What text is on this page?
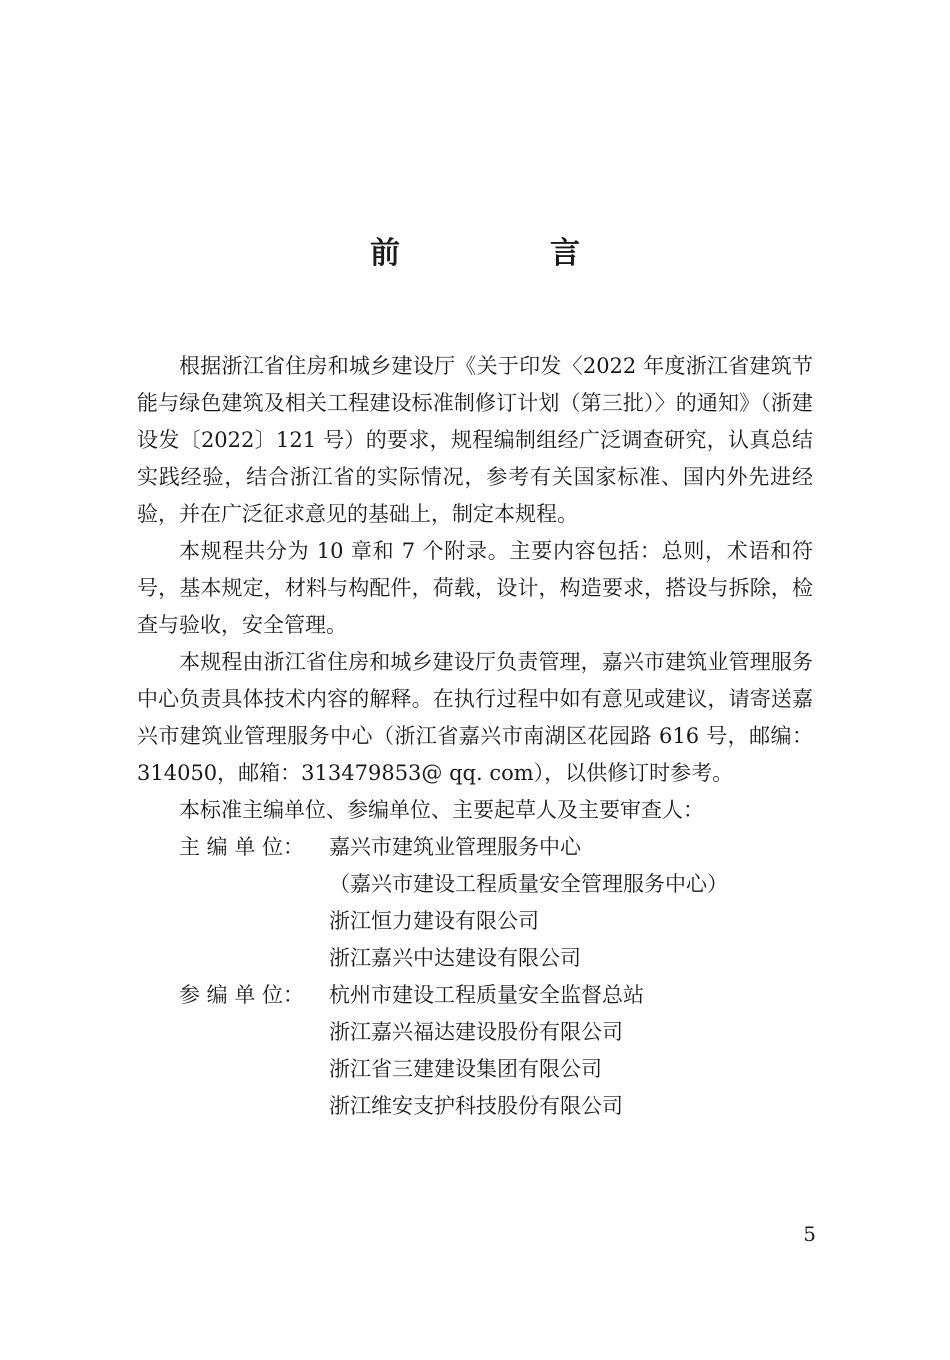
前　言

根据浙江省住房和城乡建设厅《关于印发〈2022 年度浙江省建筑节能与绿色建筑及相关工程建设标准制修订计划（第三批）〉的通知》（浙建设发〔2022〕121 号）的要求，规程编制组经广泛调查研究，认真总结实践经验，结合浙江省的实际情况，参考有关国家标准、国内外先进经验，并在广泛征求意见的基础上，制定本规程。

本规程共分为 10 章和 7 个附录。主要内容包括：总则，术语和符号，基本规定，材料与构配件，荷载，设计，构造要求，搭设与拆除，检查与验收，安全管理。

本规程由浙江省住房和城乡建设厅负责管理，嘉兴市建筑业管理服务中心负责具体技术内容的解释。在执行过程中如有意见或建议，请寄送嘉兴市建筑业管理服务中心（浙江省嘉兴市南湖区花园路 616 号，邮编：314050，邮箱：313479853@ qq. com），以供修订时参考。

本标准主编单位、参编单位、主要起草人及主要审查人：

主 编 单 位：	嘉兴市建筑业管理服务中心
（嘉兴市建设工程质量安全管理服务中心）
浙江恒力建设有限公司
浙江嘉兴中达建设有限公司
参 编 单 位：	杭州市建设工程质量安全监督总站
浙江嘉兴福达建设股份有限公司
浙江省三建建设集团有限公司
浙江维安支护科技股份有限公司
5
